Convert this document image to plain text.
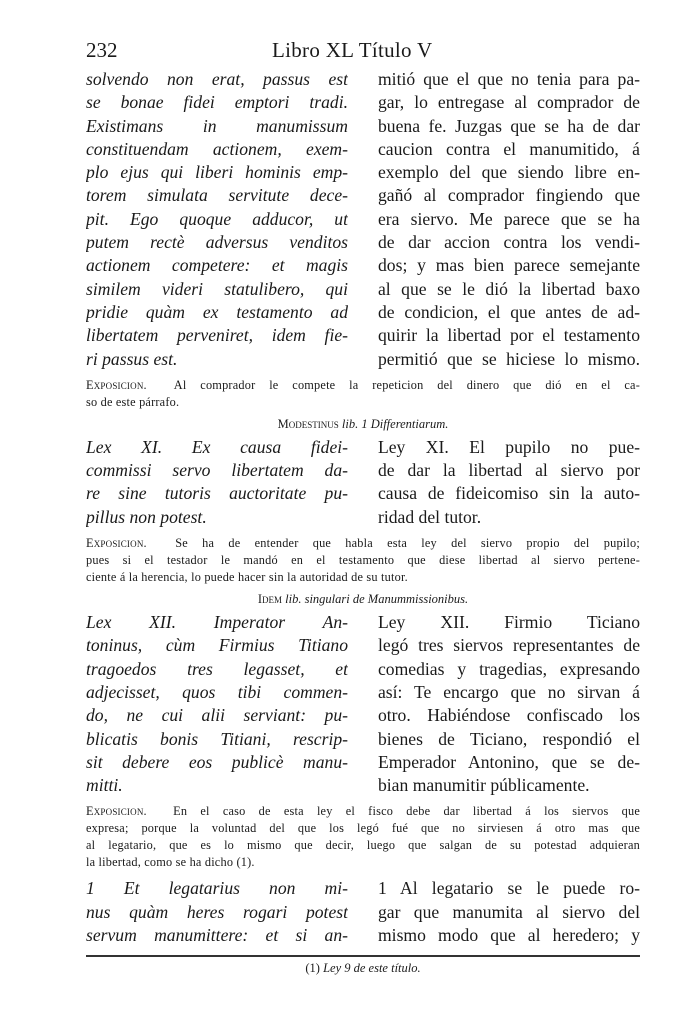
232	Libro XL Título V
solvendo non erat, passus est
se bonae fidei emptori tradi.
Existimans in manumissum
constituendam actionem, exem-
plo ejus qui liberi hominis emp-
torem simulata servitute dece-
pit. Ego quoque adducor, ut
putem rectè adversus venditos
actionem competere: et magis
similem videri statulibero, qui
pridie quàm ex testamento ad
libertatem perveniret, idem fie-
ri passus est.
mitió que el que no tenia para pa-
gar, lo entregase al comprador de
buena fe. Juzgas que se ha de dar
caucion contra el manumitido, á
exemplo del que siendo libre en-
gañó al comprador fingiendo que
era siervo. Me parece que se ha
de dar accion contra los vendi-
dos; y mas bien parece semejante
al que se le dió la libertad baxo
de condicion, el que antes de ad-
quirir la libertad por el testamento
permitió que se hiciese lo mismo.
Exposicion. Al comprador le compete la repeticion del dinero que dió en el ca-
so de este párrafo.
Modestinus lib. 1 Differentiarum.
Lex XI. Ex causa fidei-
commissi servo libertatem da-
re sine tutoris auctoritate pu-
pillus non potest.
Ley XI. El pupilo no pue-
de dar la libertad al siervo por
causa de fideicomiso sin la auto-
ridad del tutor.
Exposicion. Se ha de entender que habla esta ley del siervo propio del pupilo;
pues si el testador le mandó en el testamento que diese libertad al siervo pertene-
ciente á la herencia, lo puede hacer sin la autoridad de su tutor.
Idem lib. singulari de Manummissionibus.
Lex XII. Imperator An-
toninus, cùm Firmius Titiano
tragoedos tres legasset, et
adjecisset, quos tibi commen-
do, ne cui alii serviant: pu-
blicatis bonis Titiani, rescrip-
sit debere eos publicè manu-
mitti.
Ley XII. Firmio Ticiano
legó tres siervos representantes de
comedias y tragedias, expresando
así: Te encargo que no sirvan á
otro. Habiéndose confiscado los
bienes de Ticiano, respondió el
Emperador Antonino, que se de-
bian manumitir públicamente.
Exposicion. En el caso de esta ley el fisco debe dar libertad á los siervos que
expresa; porque la voluntad del que los legó fué que no sirviesen á otro mas que
al legatario, que es lo mismo que decir, luego que salgan de su potestad adquieran
la libertad, como se ha dicho (1).
1 Et legatarius non mi-
nus quàm heres rogari potest
servum manumittere: et si an-
1 Al legatario se le puede ro-
gar que manumita al siervo del
mismo modo que al heredero; y
(1) Ley 9 de este título.
